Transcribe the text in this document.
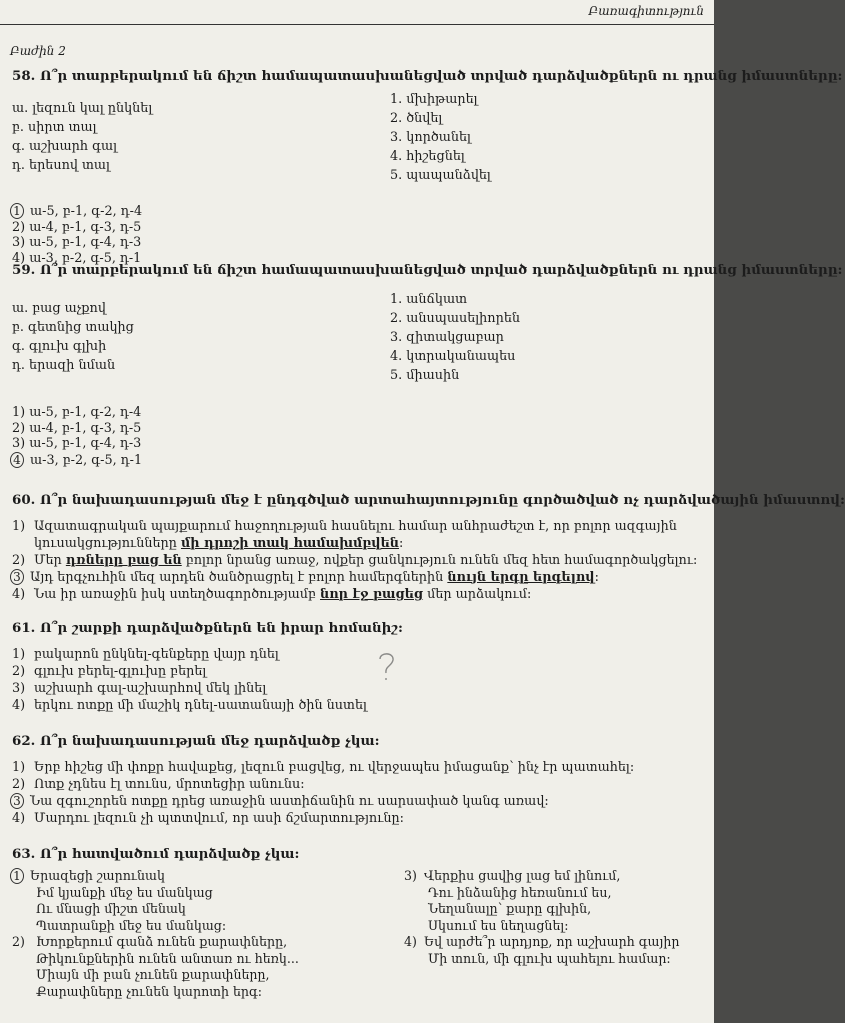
Բառագիտություն
Բաժին 2
58. Ո՞ր տարբերակում են ճիշտ համապատասխանեցված տրված դարձվածքներն ու դրանց իմաստները:
ա. լեզուն կալ ընկնել
բ. սիրտ տալ
գ. աշխարհ գալ
դ. երեսով տալ
1. մխիթարել
2. ծնվել
3. կործանել
4. հիշեցնել
5. պապանձվել
1 ա-5, բ-1, գ-2, դ-4
2) ա-4, բ-1, գ-3, դ-5
3) ա-5, բ-1, գ-4, դ-3
4) ա-3, բ-2, գ-5, դ-1
59. Ո՞ր տարբերակում են ճիշտ համապատասխանեցված տրված դարձվածքներն ու դրանց իմաստները:
ա. բաց աչքով
բ. գետնից տակից
գ. գլուխ գլխի
դ. երազի նման
1. անճկատ
2. անսպասելիորեն
3. զիտակցաբար
4. կտրականապես
5. միասին
1) ա-5, բ-1, գ-2, դ-4
2) ա-4, բ-1, գ-3, դ-5
3) ա-5, բ-1, գ-4, դ-3
4 ա-3, բ-2, գ-5, դ-1
60. Ո՞ր նախադասության մեջ է ընդգծված արտահայտությունը գործածված ոչ դարձվածային իմաստով:
1) Ազատագրական պայքարում հաջողության հասնելու համար անհրաժեշտ է, որ բոլոր ազգային
կուսակցությունները մի դրոշի տակ համախմբվեն:
2) Մեր դռները բաց են բոլոր նրանց առաջ, ովքեր ցանկություն ունեն մեզ հետ համագործակցելու:
3 Այդ երգչուհին մեզ արդեն ծանծրացրել է բոլոր համերգներին նույն երգը երգելով:
4) Նա իր առաջին իսկ ստեղծագործությամբ նոր էջ բացեց մեր արձակում:
61. Ո՞ր շարքի դարձվածքներն են իրար հոմանիշ:
1) բակարոն ընկնել-գենքերը վայր դնել
2) գլուխ բերել-գլուխը բերել
3) աշխարհ գալ-աշխարհով մեկ լինել
4) երկու ոտքը մի մաշիկ դնել-սատանայի ծին նստել
62. Ո՞ր նախադասության մեջ դարձվածք չկա:
1) Երբ հիշեց մի փոքր հավաքեց, լեզուն բացվեց, ու վերջապես իմացանք՝ ինչ էր պատահել:
2) Ոտք չդնես էլ տունս, մրոտեցիր անունս:
3 Նա զգուշորեն ոտքը դրեց առաջին աստիճանին ու սարսափած կանգ առավ:
4) Մարդու լեզուն չի պտտվում, որ ասի ճշմարտությունը:
63. Ո՞ր հատվածում դարձվածք չկա:
1 Երազեցի շարունակ
Իմ կյանքի մեջ ես մանկաց
Ու մնացի միշտ մենակ
Պատրանքի մեջ ես մանկաց:
2) Խորքերում գանձ ունեն քարափները,
Թիկունքներին ունեն անտառ ու հեռկ...
Միայն մի բան չունեն քարափները,
Քարափները չունեն կարոտի երգ:
3) Վերքիս ցավից լաց եմ լինում,
Դու ինձանից հեռանում ես,
Նեղանալը՝ քարը գլխին,
Սկսում ես նեղացնել:
4) Եվ արժե՞ր արդյոք, որ աշխարհ գայիր
Մի տուն, մի գլուխ պահելու համար:
